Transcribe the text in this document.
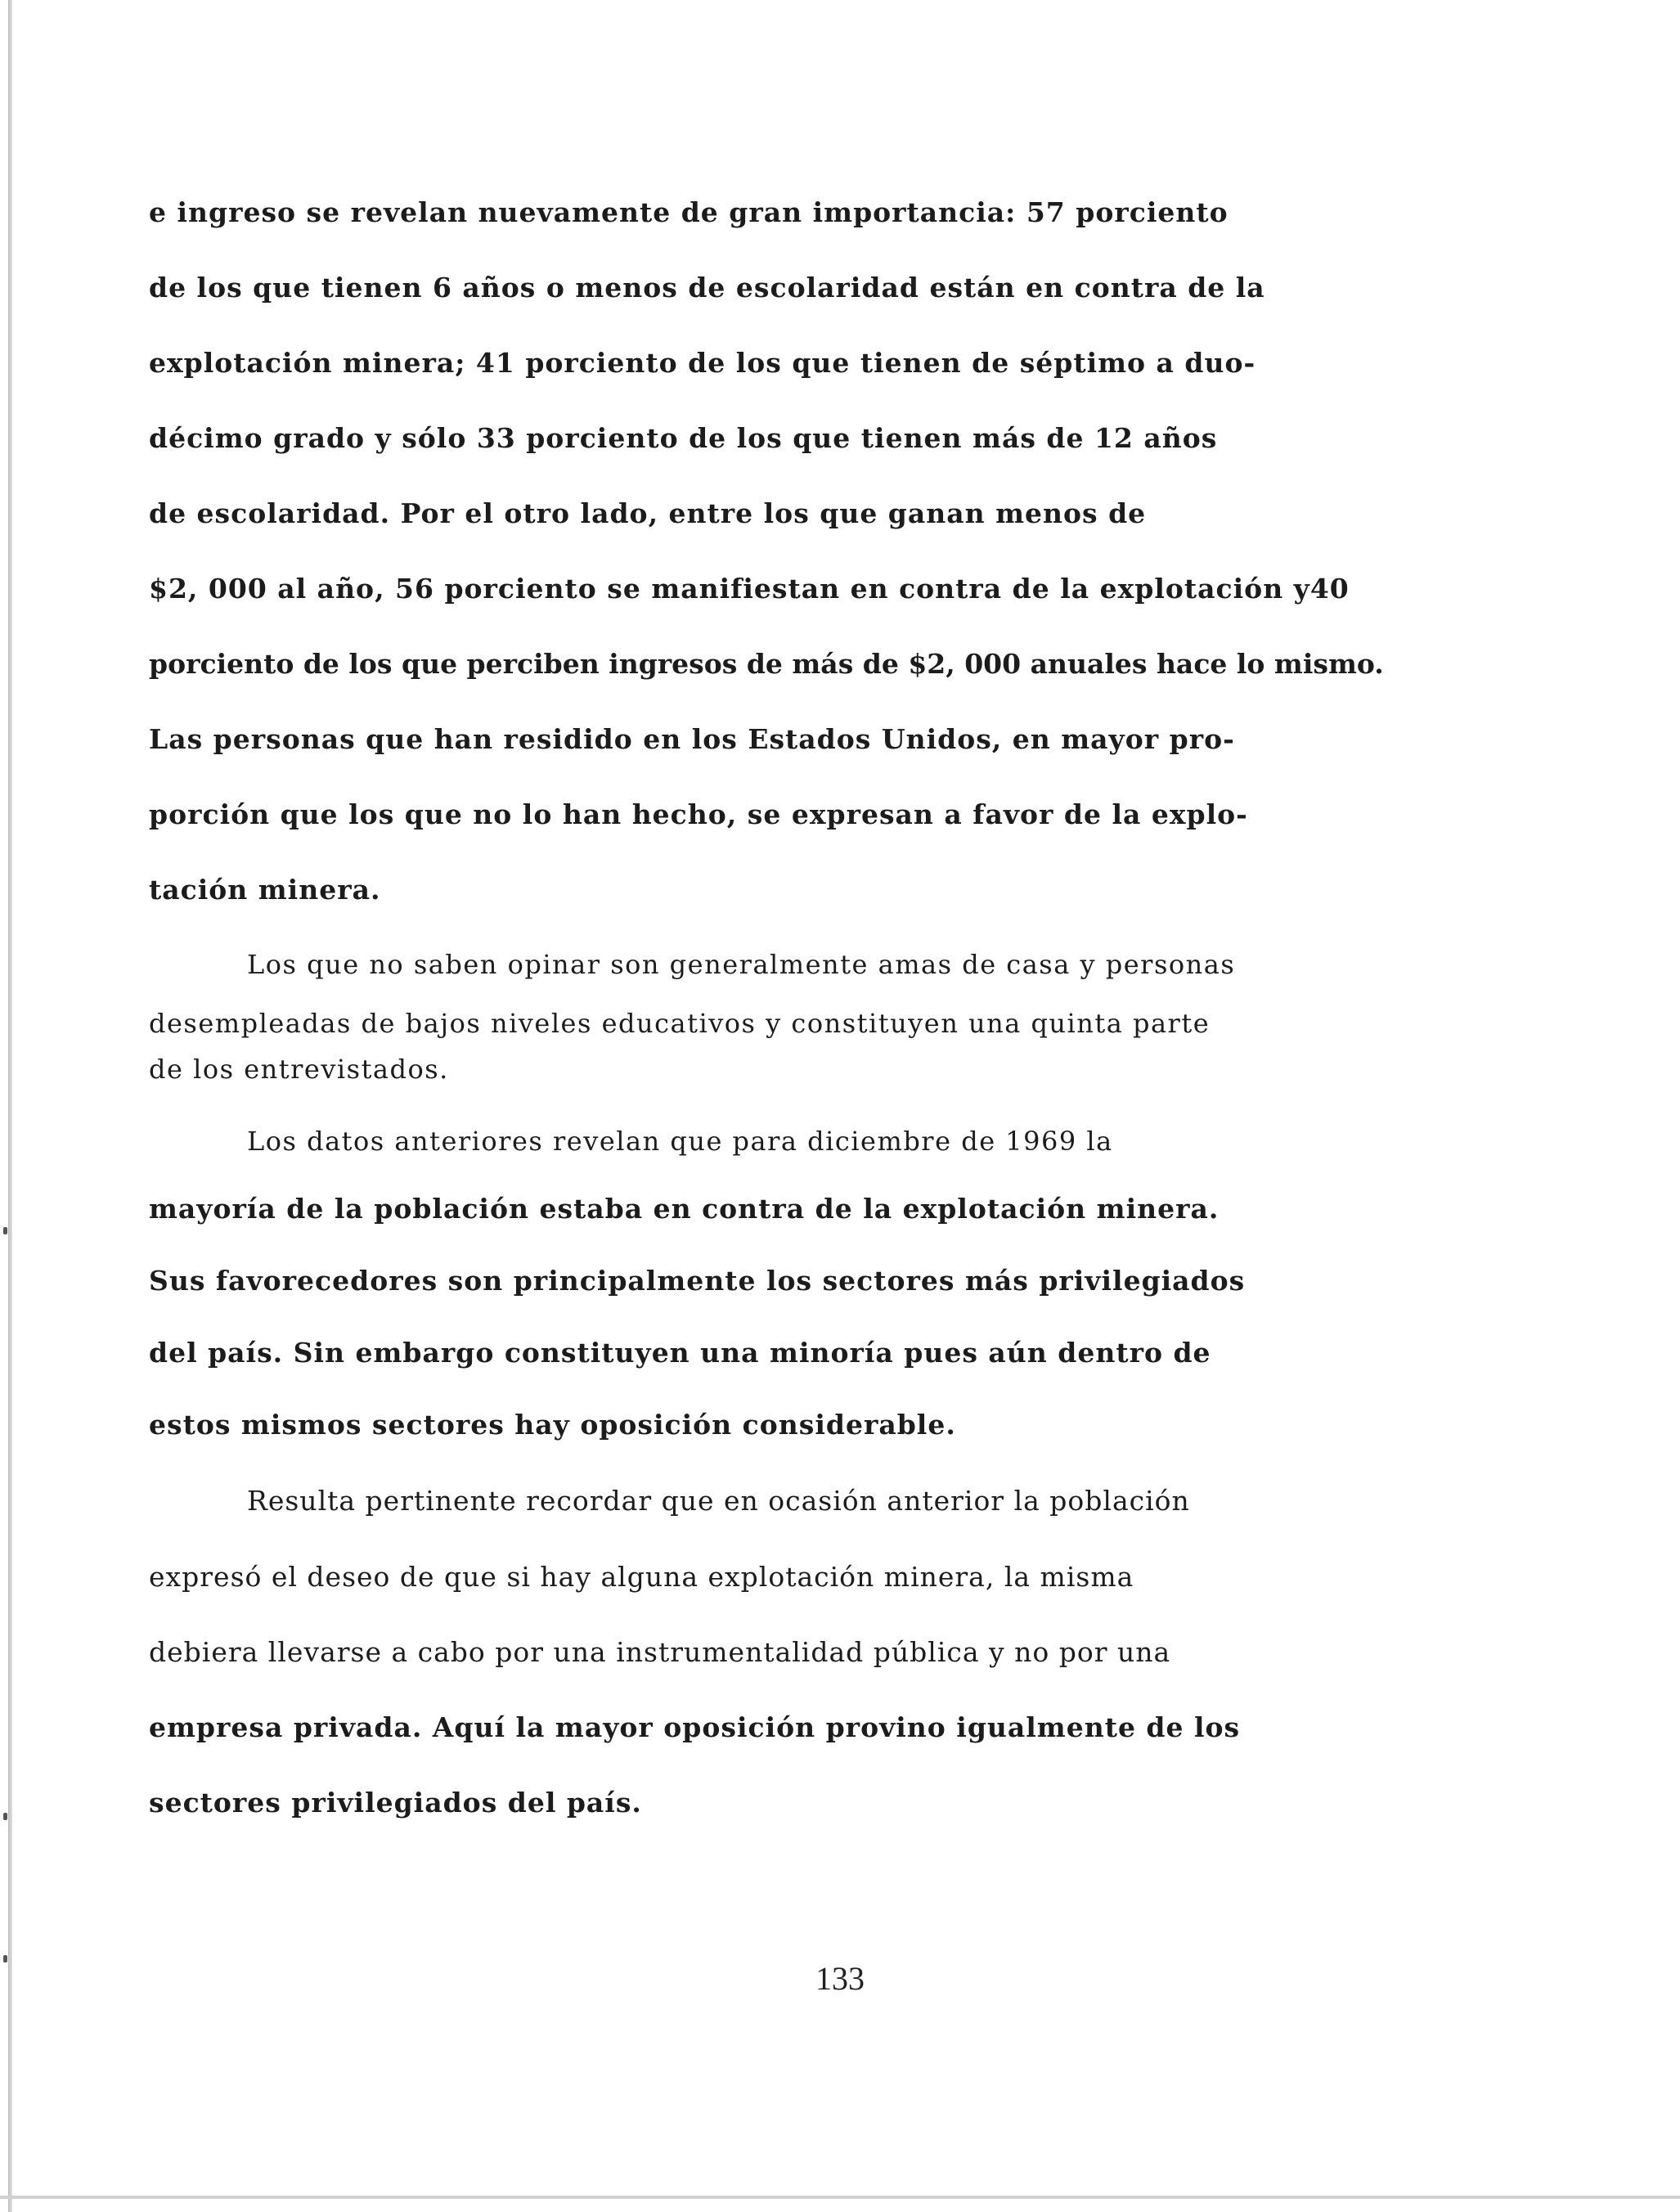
e ingreso se revelan nuevamente de gran importancia: 57 porciento
de los que tienen 6 años o menos de escolaridad están en contra de la
explotación minera; 41 porciento de los que tienen de séptimo a duo-
décimo grado y sólo 33 porciento de los que tienen más de 12 años
de escolaridad. Por el otro lado, entre los que ganan menos de
$2, 000 al año, 56 porciento se manifiestan en contra de la explotación y40
porciento de los que perciben ingresos de más de $2, 000 anuales hace lo mismo.
Las personas que han residido en los Estados Unidos, en mayor pro-
porción que los que no lo han hecho, se expresan a favor de la explo-
tación minera.
Los que no saben opinar son generalmente amas de casa y personas
desempleadas de bajos niveles educativos y constituyen una quinta parte
de los entrevistados.
Los datos anteriores revelan que para diciembre de 1969 la
mayoría de la población estaba en contra de la explotación minera.
Sus favorecedores son principalmente los sectores más privilegiados
del país. Sin embargo constituyen una minoría pues aún dentro de
estos mismos sectores hay oposición considerable.
Resulta pertinente recordar que en ocasión anterior la población
expresó el deseo de que si hay alguna explotación minera, la misma
debiera llevarse a cabo por una instrumentalidad pública y no por una
empresa privada. Aquí la mayor oposición provino igualmente de los
sectores privilegiados del país.
133
